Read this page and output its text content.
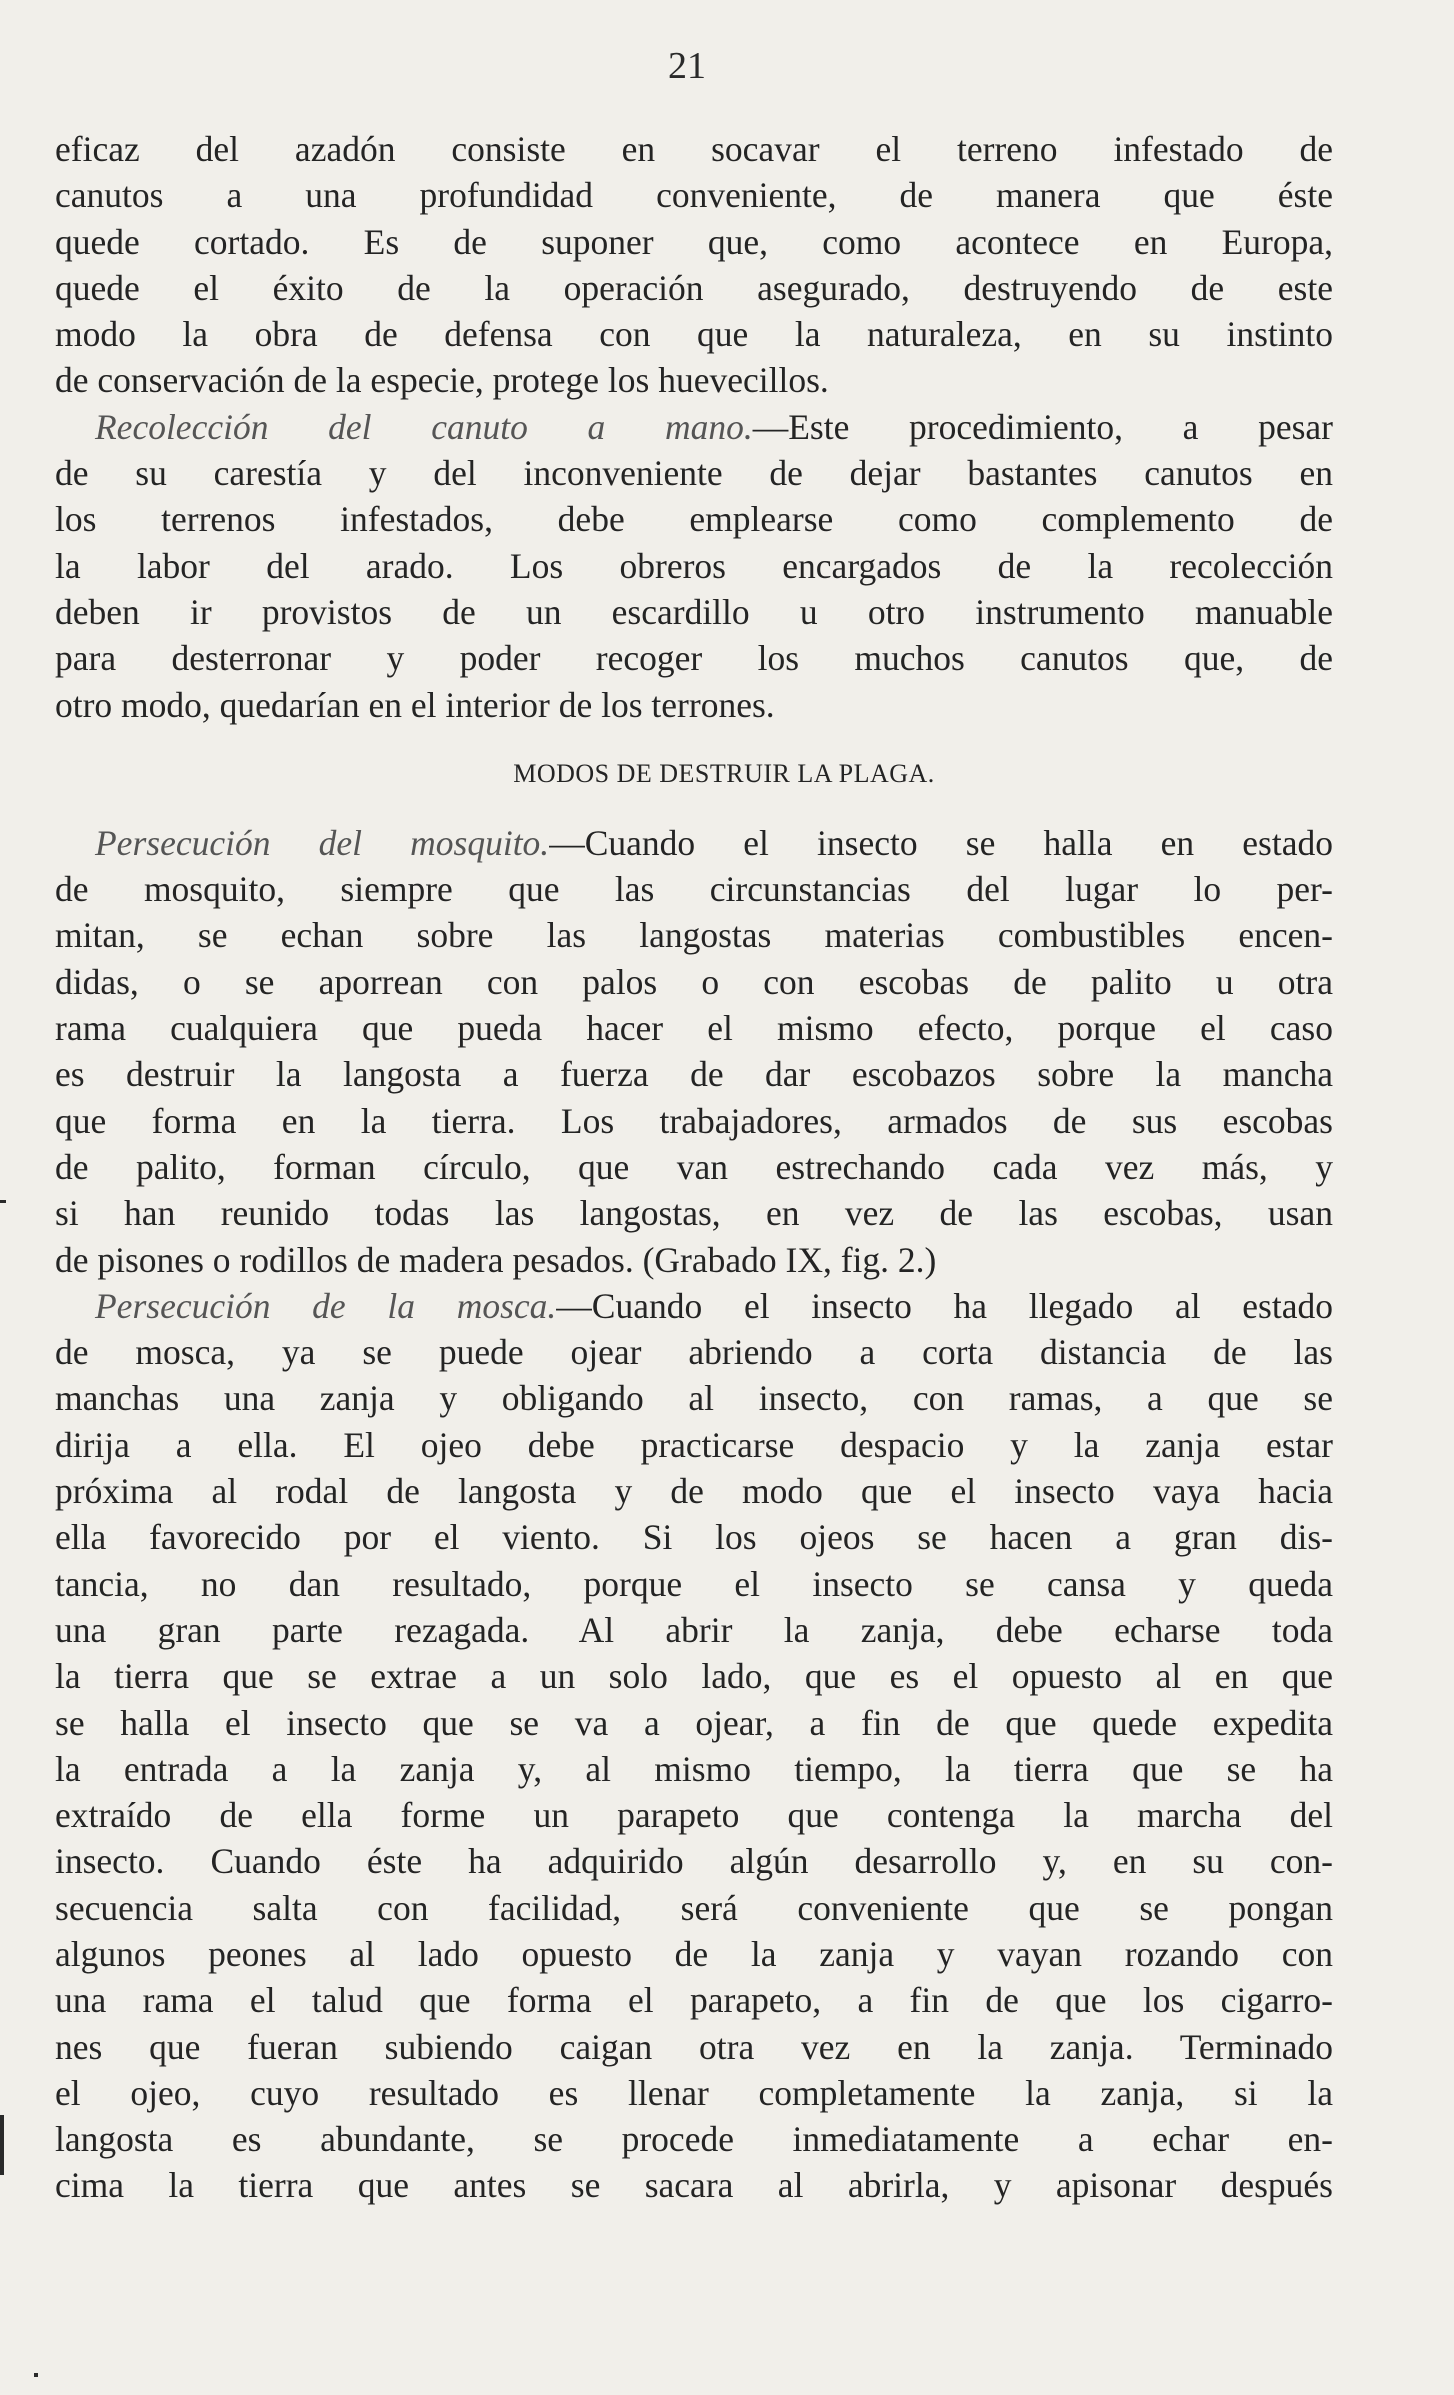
21
eficaz del azadón consiste en socavar el terreno infestado de
canutos a una profundidad conveniente, de manera que éste
quede cortado. Es de suponer que, como acontece en Europa,
quede el éxito de la operación asegurado, destruyendo de este
modo la obra de defensa con que la naturaleza, en su instinto
de conservación de la especie, protege los huevecillos.
Recolección del canuto a mano.—Este procedimiento, a pesar
de su carestía y del inconveniente de dejar bastantes canutos en
los terrenos infestados, debe emplearse como complemento de
la labor del arado. Los obreros encargados de la recolección
deben ir provistos de un escardillo u otro instrumento manuable
para desterronar y poder recoger los muchos canutos que, de
otro modo, quedarían en el interior de los terrones.
MODOS DE DESTRUIR LA PLAGA.
Persecución del mosquito.—Cuando el insecto se halla en estado
de mosquito, siempre que las circunstancias del lugar lo per-
mitan, se echan sobre las langostas materias combustibles encen-
didas, o se aporrean con palos o con escobas de palito u otra
rama cualquiera que pueda hacer el mismo efecto, porque el caso
es destruir la langosta a fuerza de dar escobazos sobre la mancha
que forma en la tierra. Los trabajadores, armados de sus escobas
de palito, forman círculo, que van estrechando cada vez más, y
si han reunido todas las langostas, en vez de las escobas, usan
de pisones o rodillos de madera pesados. (Grabado IX, fig. 2.)
Persecución de la mosca.—Cuando el insecto ha llegado al estado
de mosca, ya se puede ojear abriendo a corta distancia de las
manchas una zanja y obligando al insecto, con ramas, a que se
dirija a ella. El ojeo debe practicarse despacio y la zanja estar
próxima al rodal de langosta y de modo que el insecto vaya hacia
ella favorecido por el viento. Si los ojeos se hacen a gran dis-
tancia, no dan resultado, porque el insecto se cansa y queda
una gran parte rezagada. Al abrir la zanja, debe echarse toda
la tierra que se extrae a un solo lado, que es el opuesto al en que
se halla el insecto que se va a ojear, a fin de que quede expedita
la entrada a la zanja y, al mismo tiempo, la tierra que se ha
extraído de ella forme un parapeto que contenga la marcha del
insecto. Cuando éste ha adquirido algún desarrollo y, en su con-
secuencia salta con facilidad, será conveniente que se pongan
algunos peones al lado opuesto de la zanja y vayan rozando con
una rama el talud que forma el parapeto, a fin de que los cigarro-
nes que fueran subiendo caigan otra vez en la zanja. Terminado
el ojeo, cuyo resultado es llenar completamente la zanja, si la
langosta es abundante, se procede inmediatamente a echar en-
cima la tierra que antes se sacara al abrirla, y apisonar después
